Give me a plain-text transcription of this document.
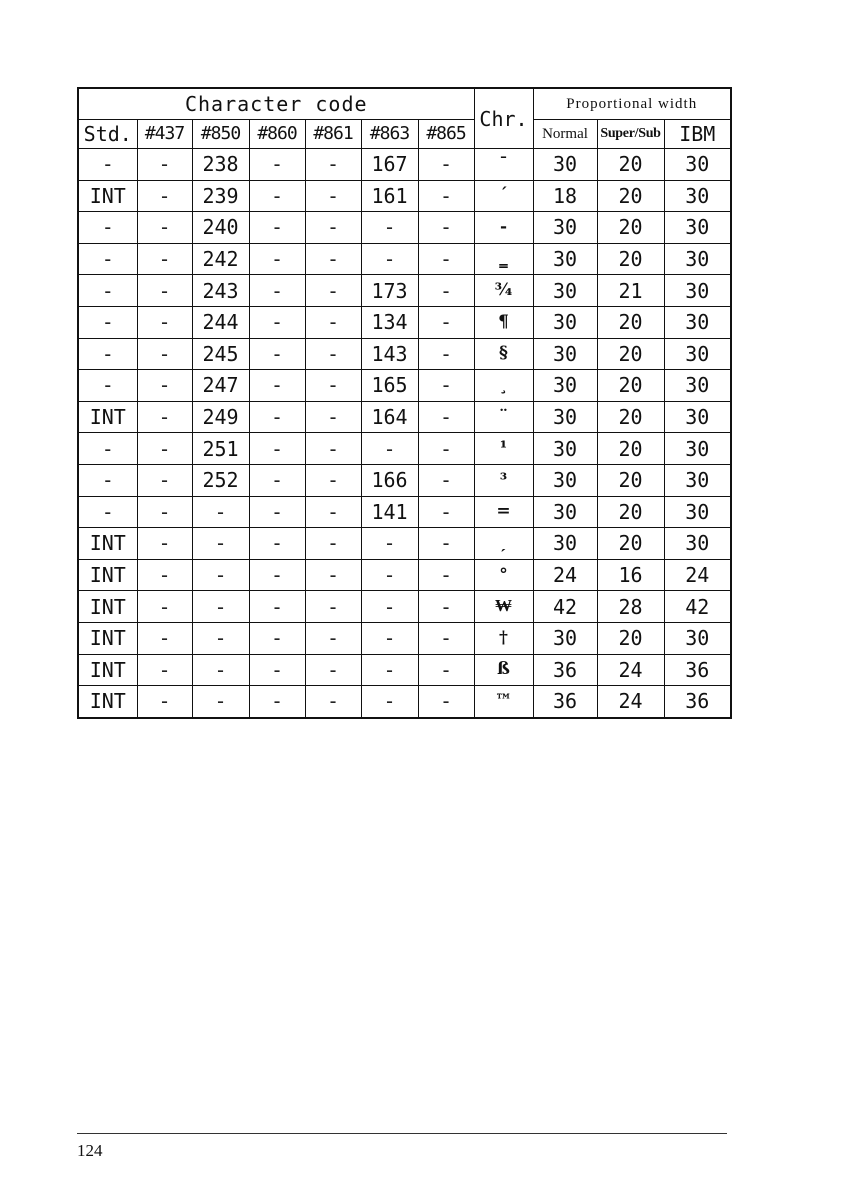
Character code							Chr.	Proportional width		
Std.	#437	#850	#860	#861	#863	#865		Normal	Super/Sub	IBM
-	-	238	-	-	167	-	¯	30	20	30
INT	-	239	-	-	161	-	´	18	20	30
-	-	240	-	-	-	-	-	30	20	30
-	-	242	-	-	-	-	‗	30	20	30
-	-	243	-	-	173	-	¾	30	21	30
-	-	244	-	-	134	-	¶	30	20	30
-	-	245	-	-	143	-	§	30	20	30
-	-	247	-	-	165	-	¸	30	20	30
INT	-	249	-	-	164	-	¨	30	20	30
-	-	251	-	-	-	-	¹	30	20	30
-	-	252	-	-	166	-	³	30	20	30
-	-	-	-	-	141	-	=	30	20	30
INT	-	-	-	-	-	-	ˏ	30	20	30
INT	-	-	-	-	-	-	°	24	16	24
INT	-	-	-	-	-	-	₩	42	28	42
INT	-	-	-	-	-	-	†	30	20	30
INT	-	-	-	-	-	-	ß	36	24	36
INT	-	-	-	-	-	-	™	36	24	36
124
